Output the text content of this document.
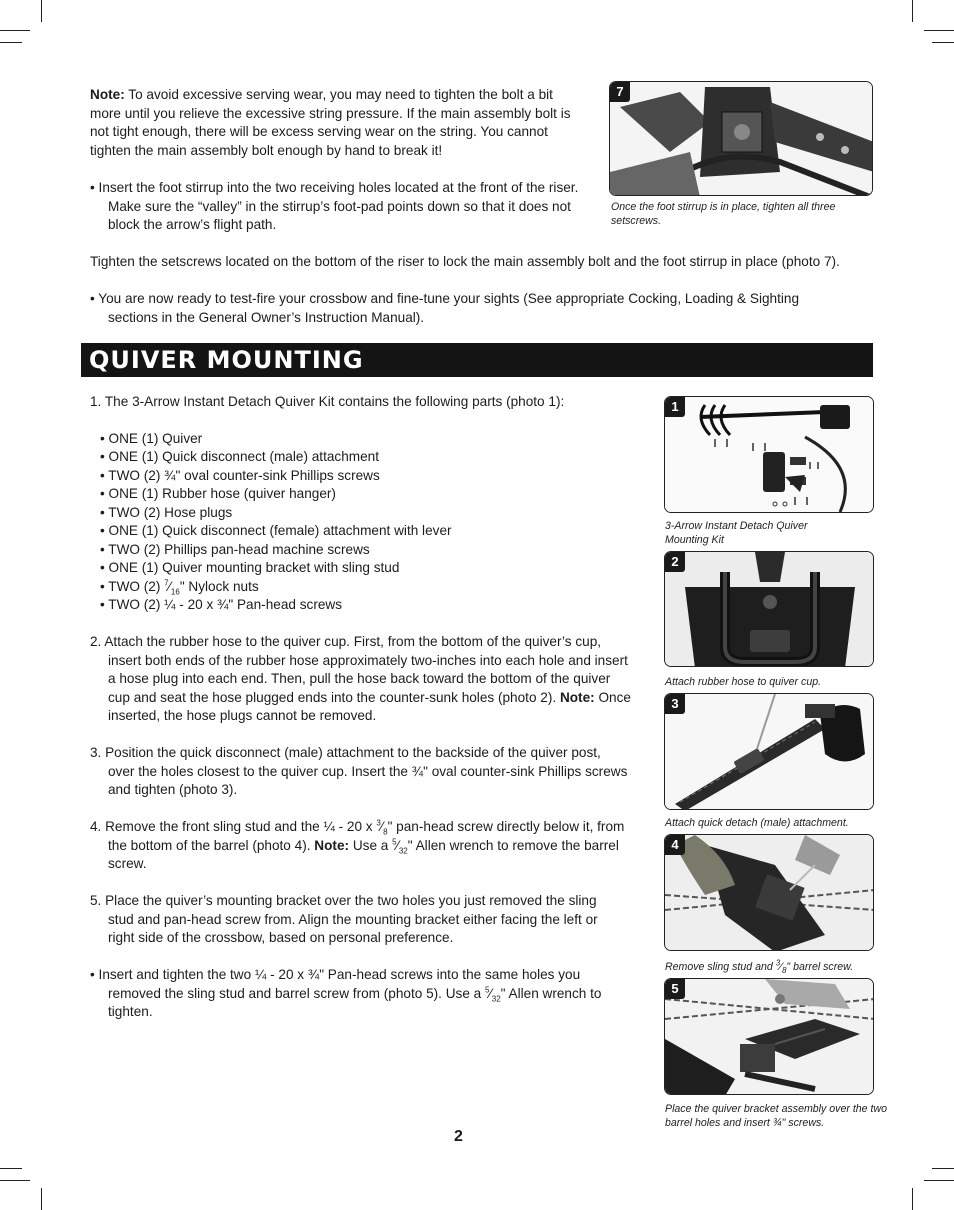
Note: To avoid excessive serving wear, you may need to tighten the bolt a bit more until you relieve the excessive string pressure. If the main assembly bolt is not tight enough, there will be excess serving wear on the string. You cannot tighten the main assembly bolt enough by hand to break it!
• Insert the foot stirrup into the two receiving holes located at the front of the riser. Make sure the “valley” in the stirrup’s foot-pad points down so that it does not block the arrow’s flight path.
Tighten the setscrews located on the bottom of the riser to lock the main assembly bolt and the foot stirrup in place (photo 7).
• You are now ready to test-fire your crossbow and fine-tune your sights (See appropriate Cocking, Loading & Sighting sections in the General Owner’s Instruction Manual).
7
Once the foot stirrup is in place, tighten all three setscrews.
QUIVER MOUNTING
1. The 3-Arrow Instant Detach Quiver Kit contains the following parts (photo 1):
• ONE (1) Quiver
• ONE (1) Quick disconnect (male) attachment
• TWO (2) ¾" oval counter-sink Phillips screws
• ONE (1) Rubber hose (quiver hanger)
• TWO (2) Hose plugs
• ONE (1) Quick disconnect (female) attachment with lever
• TWO (2) Phillips pan-head machine screws
• ONE (1) Quiver mounting bracket with sling stud
• TWO (2) $^7⁄_{16}$" Nylock nuts
• TWO (2) ¼ - 20 x ¾" Pan-head screws
2. Attach the rubber hose to the quiver cup. First, from the bottom of the quiver’s cup, insert both ends of the rubber hose approximately two-inches into each hole and insert a hose plug into each end. Then, pull the hose back toward the bottom of the quiver cup and seat the hose plugged ends into the counter-sunk holes (photo 2). Note: Once inserted, the hose plugs cannot be removed.
3. Position the quick disconnect (male) attachment to the backside of the quiver post, over the holes closest to the quiver cup. Insert the ¾" oval counter-sink Phillips screws and tighten (photo 3).
4. Remove the front sling stud and the ¼ - 20 x $^3⁄_8$" pan-head screw directly below it, from the bottom of the barrel (photo 4). Note: Use a $^5⁄_{32}$" Allen wrench to remove the barrel screw.
5. Place the quiver’s mounting bracket over the two holes you just removed the sling stud and pan-head screw from. Align the mounting bracket either facing the left or right side of the crossbow, based on personal preference.
• Insert and tighten the two ¼ - 20 x ¾" Pan-head screws into the same holes you removed the sling stud and barrel screw from (photo 5). Use a $^5⁄_{32}$" Allen wrench to tighten.
1
3-Arrow Instant Detach Quiver Mounting Kit
2
Attach rubber hose to quiver cup.
3
Attach quick detach (male) attachment.
4
Remove sling stud and $^3⁄_8$" barrel screw.
5
Place the quiver bracket assembly over the two barrel holes and insert ¾" screws.
2
